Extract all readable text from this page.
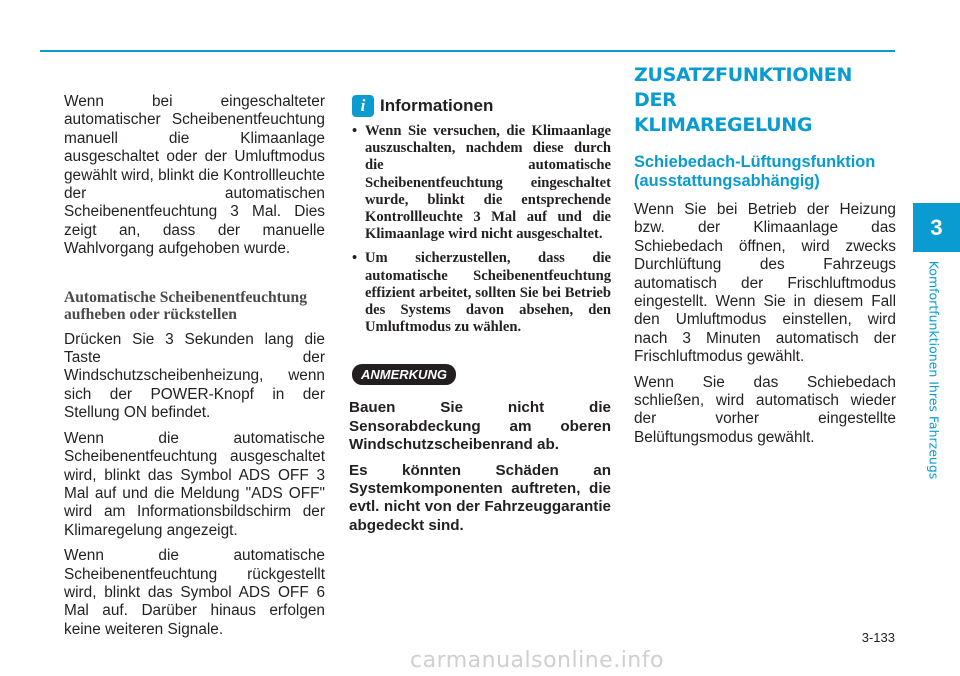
Wenn bei eingeschalteter automatischer Scheibenentfeuchtung manuell die Klimaanlage ausgeschaltet oder der Umluftmodus gewählt wird, blinkt die Kontrollleuchte der automatischen Scheibenentfeuchtung 3 Mal. Dies zeigt an, dass der manuelle Wahlvorgang aufgehoben wurde.

Automatische Scheibenentfeuchtung aufheben oder rückstellen

Drücken Sie 3 Sekunden lang die Taste der Windschutzscheibenheizung, wenn sich der POWER-Knopf in der Stellung ON befindet.

Wenn die automatische Scheibenentfeuchtung ausgeschaltet wird, blinkt das Symbol ADS OFF 3 Mal auf und die Meldung "ADS OFF" wird am Informationsbildschirm der Klimaregelung angezeigt.

Wenn die automatische Scheibenentfeuchtung rückgestellt wird, blinkt das Symbol ADS OFF 6 Mal auf. Darüber hinaus erfolgen keine weiteren Signale.

i Informationen
• Wenn Sie versuchen, die Klimaanlage auszuschalten, nachdem diese durch die automatische Scheibenentfeuchtung eingeschaltet wurde, blinkt die entsprechende Kontrollleuchte 3 Mal auf und die Klimaanlage wird nicht ausgeschaltet.
• Um sicherzustellen, dass die automatische Scheibenentfeuchtung effizient arbeitet, sollten Sie bei Betrieb des Systems davon absehen, den Umluftmodus zu wählen.
ANMERKUNG

Bauen Sie nicht die Sensorabdeckung am oberen Windschutzscheibenrand ab.

Es könnten Schäden an Systemkomponenten auftreten, die evtl. nicht von der Fahrzeuggarantie abgedeckt sind.

ZUSATZFUNKTIONEN DER
KLIMAREGELUNG
Schiebedach-Lüftungsfunktion
(ausstattungsabhängig)

Wenn Sie bei Betrieb der Heizung bzw. der Klimaanlage das Schiebedach öffnen, wird zwecks Durchlüftung des Fahrzeugs automatisch der Frischluftmodus eingestellt. Wenn Sie in diesem Fall den Umluftmodus einstellen, wird nach 3 Minuten automatisch der Frischluftmodus gewählt.

Wenn Sie das Schiebedach schließen, wird automatisch wieder der vorher eingestellte Belüftungsmodus gewählt.

3
Komfortfunktionen Ihres Fahrzeugs
3-133
carmanualsonline.info
